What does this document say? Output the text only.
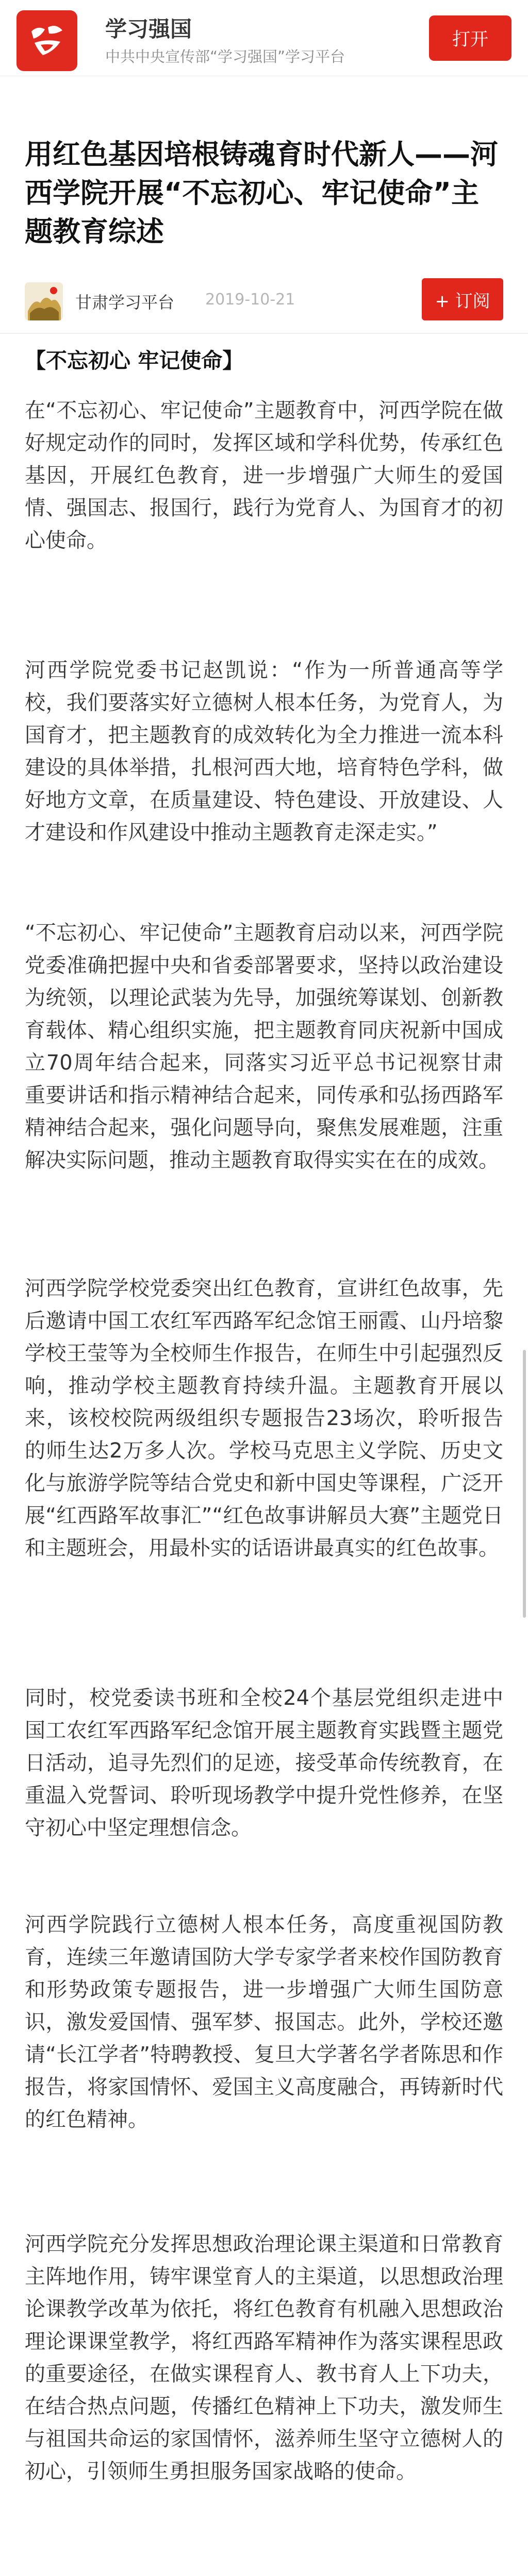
学习强国
中共中央宣传部“学习强国”学习平台
打开
用红色基因培根铸魂育时代新人——河西学院开展“不忘初心、牢记使命”主题教育综述
甘肃学习平台 2019-10-21	+ 订阅
【不忘初心 牢记使命】

在“不忘初心、牢记使命”主题教育中，河西学院在做好规定动作的同时，发挥区域和学科优势，传承红色基因，开展红色教育，进一步增强广大师生的爱国情、强国志、报国行，践行为党育人、为国育才的初心使命。

河西学院党委书记赵凯说：“作为一所普通高等学校，我们要落实好立德树人根本任务，为党育人，为国育才，把主题教育的成效转化为全力推进一流本科建设的具体举措，扎根河西大地，培育特色学科，做好地方文章，在质量建设、特色建设、开放建设、人才建设和作风建设中推动主题教育走深走实。”

“不忘初心、牢记使命”主题教育启动以来，河西学院党委准确把握中央和省委部署要求，坚持以政治建设为统领，以理论武装为先导，加强统筹谋划、创新教育载体、精心组织实施，把主题教育同庆祝新中国成立70周年结合起来，同落实习近平总书记视察甘肃重要讲话和指示精神结合起来，同传承和弘扬西路军精神结合起来，强化问题导向，聚焦发展难题，注重解决实际问题，推动主题教育取得实实在在的成效。

河西学院学校党委突出红色教育，宣讲红色故事，先后邀请中国工农红军西路军纪念馆王丽霞、山丹培黎学校王莹等为全校师生作报告，在师生中引起强烈反响，推动学校主题教育持续升温。主题教育开展以来，该校校院两级组织专题报告23场次，聆听报告的师生达2万多人次。学校马克思主义学院、历史文化与旅游学院等结合党史和新中国史等课程，广泛开展“红西路军故事汇”“红色故事讲解员大赛”主题党日和主题班会，用最朴实的话语讲最真实的红色故事。

同时，校党委读书班和全校24个基层党组织走进中国工农红军西路军纪念馆开展主题教育实践暨主题党日活动，追寻先烈们的足迹，接受革命传统教育，在重温入党誓词、聆听现场教学中提升党性修养，在坚守初心中坚定理想信念。

河西学院践行立德树人根本任务，高度重视国防教育，连续三年邀请国防大学专家学者来校作国防教育和形势政策专题报告，进一步增强广大师生国防意识，激发爱国情、强军梦、报国志。此外，学校还邀请“长江学者”特聘教授、复旦大学著名学者陈思和作报告，将家国情怀、爱国主义高度融合，再铸新时代的红色精神。

河西学院充分发挥思想政治理论课主渠道和日常教育主阵地作用，铸牢课堂育人的主渠道，以思想政治理论课教学改革为依托，将红色教育有机融入思想政治理论课课堂教学，将红西路军精神作为落实课程思政的重要途径，在做实课程育人、教书育人上下功夫，在结合热点问题，传播红色精神上下功夫，激发师生与祖国共命运的家国情怀，滋养师生坚守立德树人的初心，引领师生勇担服务国家战略的使命。
